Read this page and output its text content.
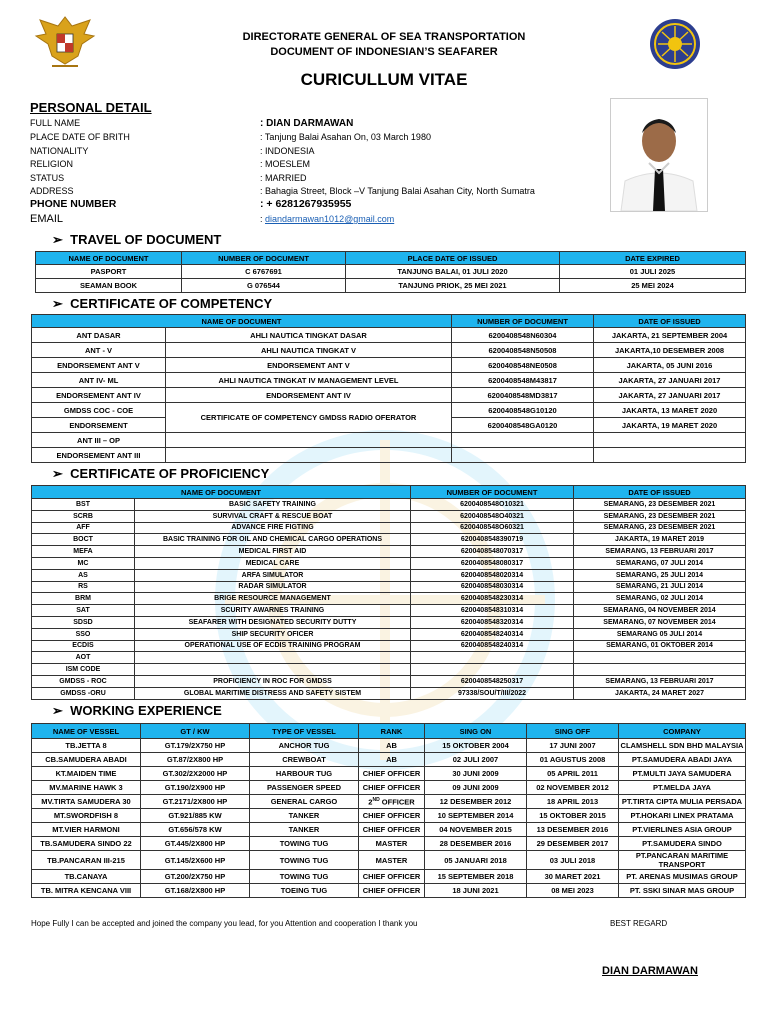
DIRECTORATE GENERAL OF SEA TRANSPORTATION
DOCUMENT OF INDONESIAN’S SEAFARER
CURICULLUM VITAE
PERSONAL DETAIL
FULL NAME	: DIAN DARMAWAN
PLACE DATE OF BRITH	: Tanjung Balai Asahan On, 03 March 1980
NATIONALITY	: INDONESIA
RELIGION	: MOESLEM
STATUS	: MARRIED
ADDRESS	: Bahagia Street, Block –V Tanjung Balai Asahan City, North Sumatra
PHONE NUMBER	: + 6281267935955
EMAIL	: diandarmawan1012@gmail.com
➢ TRAVEL OF DOCUMENT
NAME OF DOCUMENT	NUMBER OF DOCUMENT	PLACE DATE OF ISSUED	DATE EXPIRED
PASPORT	C 6767691	TANJUNG BALAI, 01 JULI 2020	01 JULI 2025
SEAMAN BOOK	G 076544	TANJUNG PRIOK, 25 MEI 2021	25 MEI 2024
➢ CERTIFICATE OF COMPETENCY
NAME OF DOCUMENT		NUMBER OF DOCUMENT	DATE OF ISSUED
ANT DASAR	AHLI NAUTICA TINGKAT DASAR	6200408548N60304	JAKARTA, 21 SEPTEMBER 2004
ANT - V	AHLI NAUTICA TINGKAT V	6200408548N50508	JAKARTA,10 DESEMBER 2008
ENDORSEMENT ANT V	ENDORSEMENT ANT V	6200408548NE0508	JAKARTA, 05 JUNI 2016
ANT IV- ML	AHLI NAUTICA TINGKAT IV MANAGEMENT LEVEL	6200408548M43817	JAKARTA, 27 JANUARI 2017
ENDORSEMENT ANT IV	ENDORSEMENT ANT IV	6200408548MD3817	JAKARTA, 27 JANUARI 2017
GMDSS COC - COE	CERTIFICATE OF COMPETENCY GMDSS RADIO OFERATOR	6200408548G10120	JAKARTA, 13 MARET 2020
ENDORSEMENT		6200408548GA0120	JAKARTA, 19 MARET 2020
ANT III – OP			
ENDORSEMENT ANT III			
➢ CERTIFICATE OF PROFICIENCY
NAME OF DOCUMENT		NUMBER OF DOCUMENT	DATE OF ISSUED
BST	BASIC SAFETY TRAINING	6200408548O10321	SEMARANG, 23 DESEMBER 2021
SCRB	SURVIVAL CRAFT & RESCUE BOAT	6200408548O40321	SEMARANG, 23 DESEMBER 2021
AFF	ADVANCE FIRE FIGTING	6200408548O60321	SEMARANG, 23 DESEMBER 2021
BOCT	BASIC TRAINING FOR OIL AND CHEMICAL CARGO OPERATIONS	6200408548390719	JAKARTA, 19 MARET 2019
MEFA	MEDICAL FIRST AID	6200408548070317	SEMARANG, 13 FEBRUARI 2017
MC	MEDICAL CARE	6200408548080317	SEMARANG, 07 JULI 2014
AS	ARFA SIMULATOR	6200408548020314	SEMARANG, 25 JULI 2014
RS	RADAR SIMULATOR	6200408548030314	SEMARANG, 21 JULI 2014
BRM	BRIGE RESOURCE MANAGEMENT	6200408548230314	SEMARANG, 02 JULI 2014
SAT	SCURITY AWARNES TRAINING	6200408548310314	SEMARANG, 04 NOVEMBER 2014
SDSD	SEAFARER WITH DESIGNATED SECURITY DUTTY	6200408548320314	SEMARANG, 07 NOVEMBER 2014
SSO	SHIP SECURITY OFICER	6200408548240314	SEMARANG 05 JULI 2014
ECDIS	OPERATIONAL USE OF ECDIS TRAINING PROGRAM	6200408548240314	SEMARANG, 01 OKTOBER 2014
AOT			
ISM CODE			
GMDSS - ROC	PROFICIENCY IN ROC FOR GMDSS	6200408548250317	SEMARANG, 13 FEBRUARI 2017
GMDSS -ORU	GLOBAL MARITIME DISTRESS AND SAFETY SISTEM	97338/SOU/T/III/2022	JAKARTA, 24 MARET 2027
➢ WORKING EXPERIENCE
NAME OF VESSEL	GT / KW	TYPE OF VESSEL	RANK	SING ON	SING OFF	COMPANY
TB.JETTA 8	GT.179/2X750 HP	ANCHOR TUG	AB	15 OKTOBER 2004	17 JUNI 2007	CLAMSHELL SDN BHD MALAYSIA
CB.SAMUDERA ABADI	GT.87/2X800 HP	CREWBOAT	AB	02 JULI 2007	01 AGUSTUS 2008	PT.SAMUDERA ABADI JAYA
KT.MAIDEN TIME	GT.302/2X2000 HP	HARBOUR TUG	CHIEF OFFICER	30 JUNI 2009	05 APRIL 2011	PT.MULTI JAYA SAMUDERA
MV.MARINE HAWK 3	GT.190/2X900 HP	PASSENGER SPEED	CHIEF OFFICER	09 JUNI 2009	02 NOVEMBER 2012	PT.MELDA JAYA
MV.TIRTA SAMUDERA 30	GT.2171/2X800 HP	GENERAL CARGO	2ND OFFICER	12 DESEMBER 2012	18 APRIL 2013	PT.TIRTA CIPTA MULIA PERSADA
MT.SWORDFISH 8	GT.921/885 KW	TANKER	CHIEF OFFICER	10 SEPTEMBER 2014	15 OKTOBER 2015	PT.HOKARI LINEX PRATAMA
MT.VIER HARMONI	GT.656/578 KW	TANKER	CHIEF OFFICER	04 NOVEMBER 2015	13 DESEMBER 2016	PT.VIERLINES ASIA GROUP
TB.SAMUDERA SINDO 22	GT.445/2X800 HP	TOWING TUG	MASTER	28 DESEMBER 2016	29 DESEMBER 2017	PT.SAMUDERA SINDO
TB.PANCARAN III-215	GT.145/2X600 HP	TOWING TUG	MASTER	05 JANUARI 2018	03 JULI 2018	PT.PANCARAN MARITIME TRANSPORT
TB.CANAYA	GT.200/2X750 HP	TOWING TUG	CHIEF OFFICER	15 SEPTEMBER 2018	30 MARET 2021	PT. ARENAS MUSIMAS GROUP
TB. MITRA KENCANA VIII	GT.168/2X800 HP	TOEING TUG	CHIEF OFFICER	18 JUNI 2021	08 MEI 2023	PT. SSKI SINAR MAS GROUP
Hope Fully I can be accepted and joined the company you lead, for you Attention and cooperation I thank you	BEST REGARD
DIAN DARMAWAN
